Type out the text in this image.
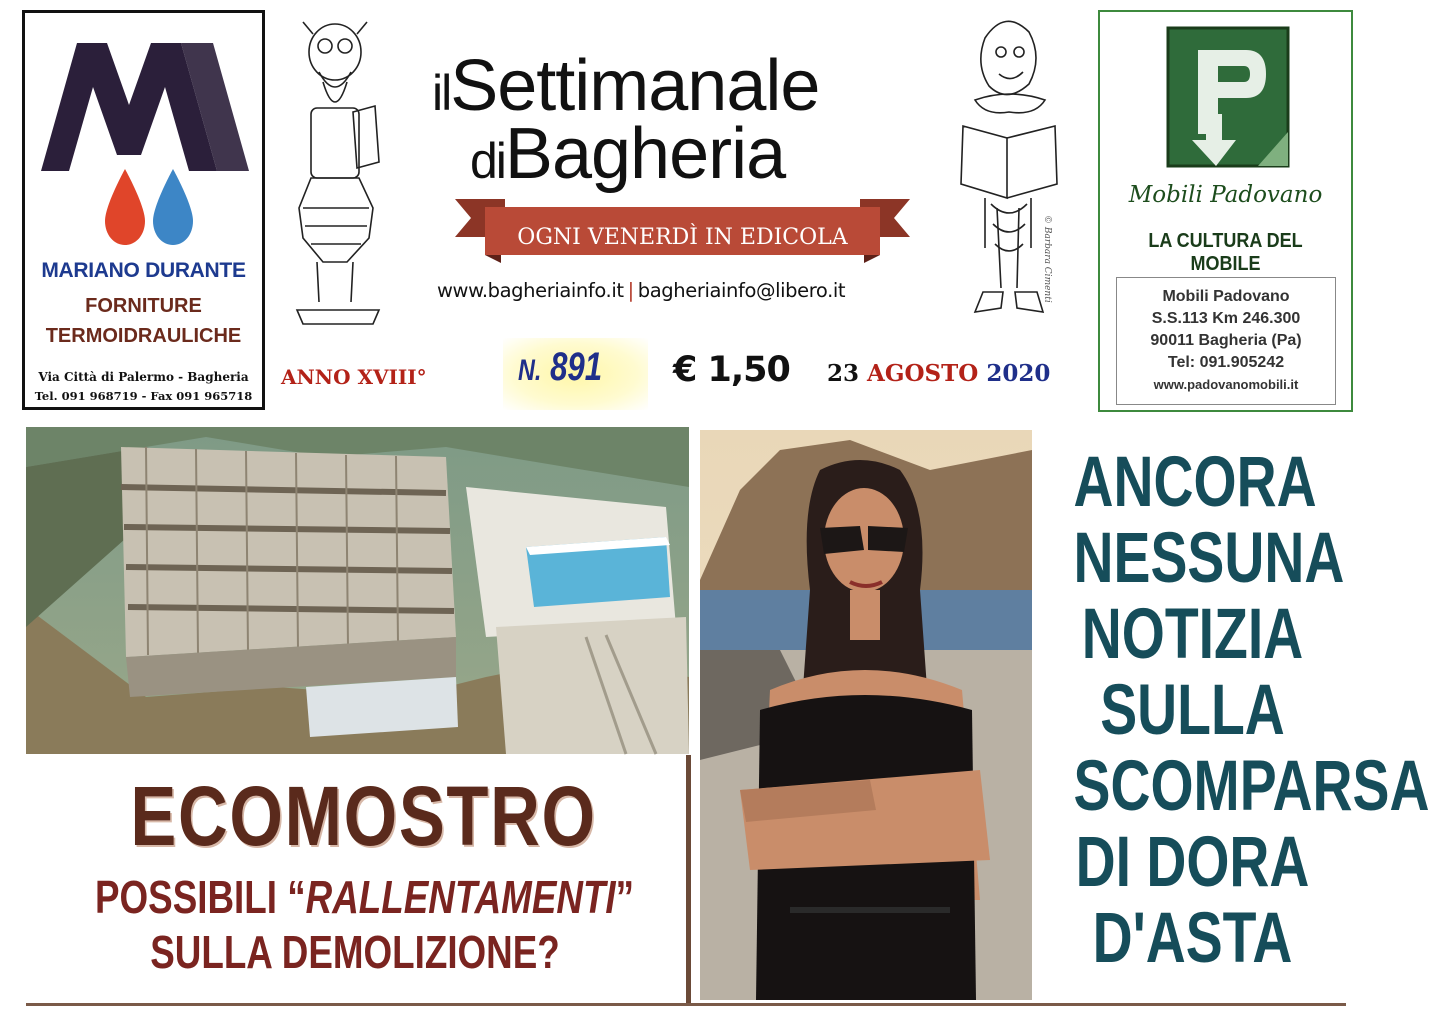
MARIANO DURANTE
FORNITURE
TERMOIDRAULICHE
Via Città di Palermo - Bagheria
Tel. 091 968719 - Fax 091 965718
© Barbara Cimenti
ilSettimanale
diBagheria
OGNI VENERDÌ IN EDICOLA
www.bagheriainfo.it | bagheriainfo@libero.it
ANNO XVIII°	N. 891 € 1,50 23 AGOSTO 2020
Mobili Padovano
LA CULTURA DEL MOBILE
Mobili Padovano
S.S.113 Km 246.300
90011 Bagheria (Pa)
Tel: 091.905242
www.padovanomobili.it
ECOMOSTRO
POSSIBILI “RALLENTAMENTI”
SULLA DEMOLIZIONE?
ANCORA
NESSUNA
NOTIZIA
SULLA
SCOMPARSA
DI DORA
D'ASTA
